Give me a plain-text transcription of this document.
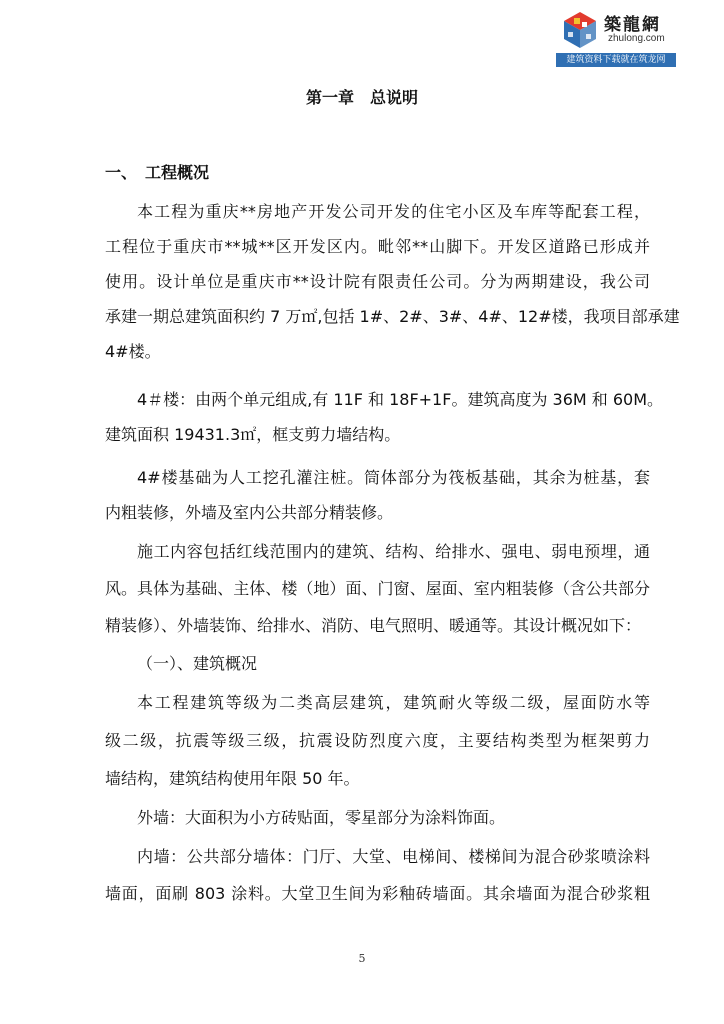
築龍網
zhulong.com
建筑资料下载就在筑龙网
第一章　总说明
一、 工程概况
本工程为重庆**房地产开发公司开发的住宅小区及车库等配套工程，
工程位于重庆市**城**区开发区内。毗邻**山脚下。开发区道路已形成并
使用。设计单位是重庆市**设计院有限责任公司。分为两期建设，我公司
承建一期总建筑面积约 7 万㎡,包括 1#、2#、3#、4#、12#楼，我项目部承建
4#楼。
4＃楼：由两个单元组成,有 11F 和 18F+1F。建筑高度为 36M 和 60M。
建筑面积 19431.3㎡，框支剪力墙结构。
4#楼基础为人工挖孔灌注桩。筒体部分为筏板基础，其余为桩基，套
内粗装修，外墙及室内公共部分精装修。
施工内容包括红线范围内的建筑、结构、给排水、强电、弱电预埋，通
风。具体为基础、主体、楼（地）面、门窗、屋面、室内粗装修（含公共部分
精装修）、外墙装饰、给排水、消防、电气照明、暖通等。其设计概况如下：
（一）、建筑概况
本工程建筑等级为二类高层建筑，建筑耐火等级二级，屋面防水等
级二级，抗震等级三级，抗震设防烈度六度，主要结构类型为框架剪力
墙结构，建筑结构使用年限 50 年。
外墙：大面积为小方砖贴面，零星部分为涂料饰面。
内墙：公共部分墙体：门厅、大堂、电梯间、楼梯间为混合砂浆喷涂料
墙面，面刷 803 涂料。大堂卫生间为彩釉砖墙面。其余墙面为混合砂浆粗
5
